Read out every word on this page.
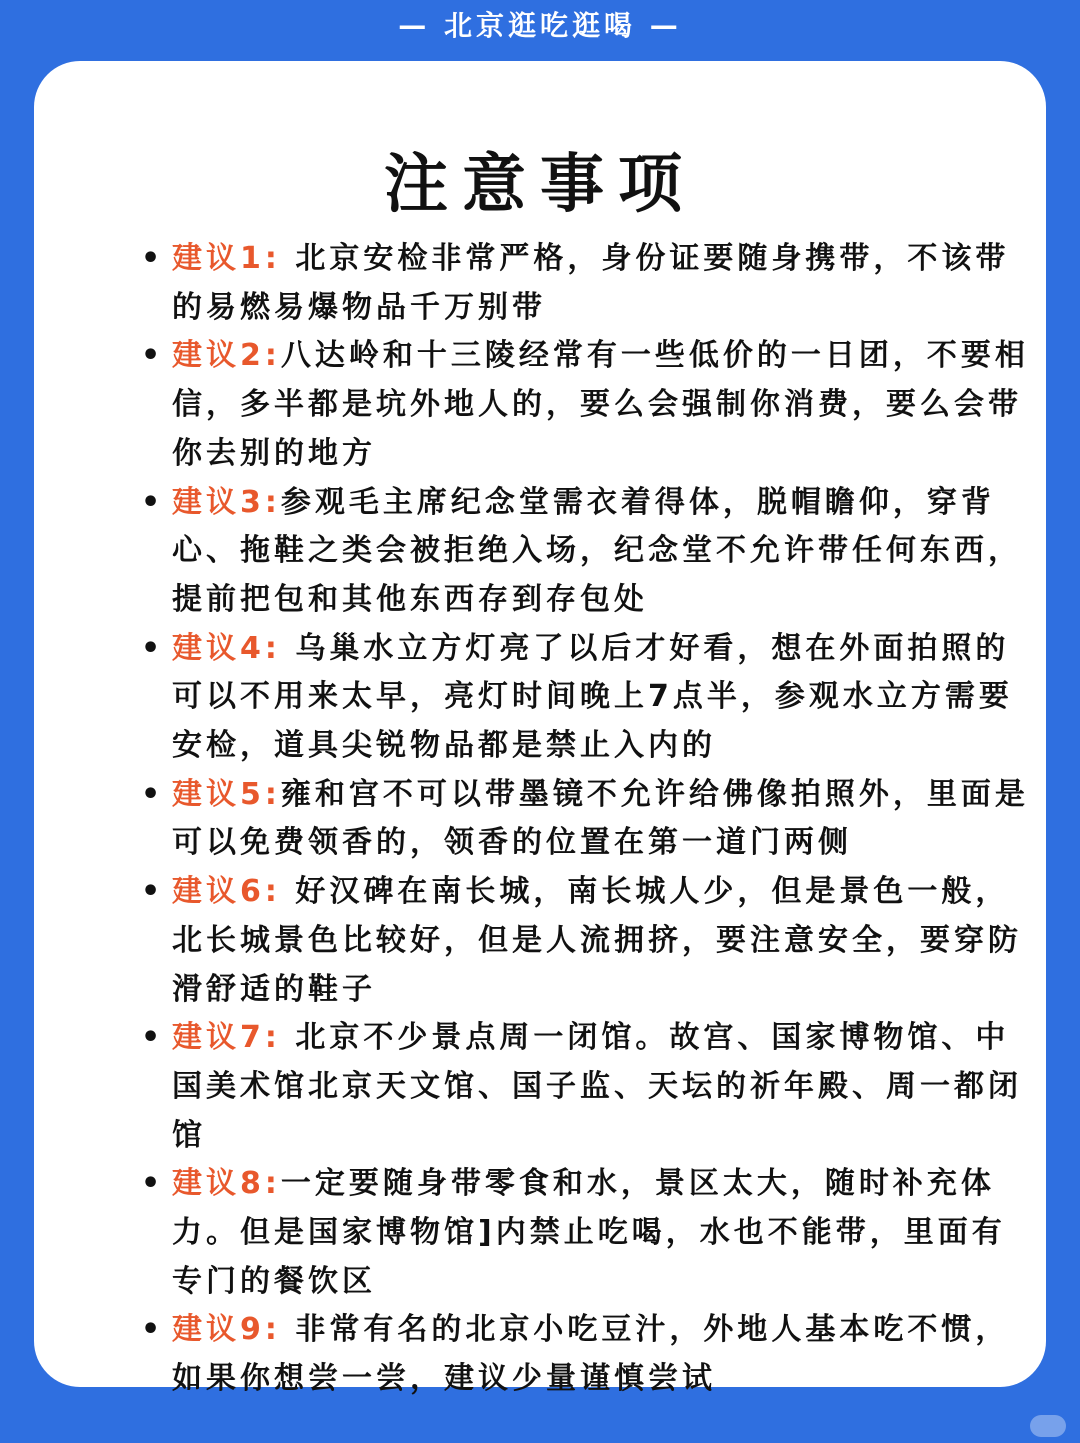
— 北京逛吃逛喝 —
注意事项
• 建议1: 北京安检非常严格，身份证要随身携带，不该带的易燃易爆物品千万别带
• 建议2:八达岭和十三陵经常有一些低价的一日团，不要相信，多半都是坑外地人的，要么会强制你消费，要么会带你去别的地方
• 建议3:参观毛主席纪念堂需衣着得体，脱帽瞻仰，穿背心、拖鞋之类会被拒绝入场，纪念堂不允许带任何东西，提前把包和其他东西存到存包处
• 建议4: 乌巢水立方灯亮了以后才好看，想在外面拍照的可以不用来太早，亮灯时间晚上7点半，参观水立方需要安检，道具尖锐物品都是禁止入内的
• 建议5:雍和宫不可以带墨镜不允许给佛像拍照外，里面是可以免费领香的，领香的位置在第一道门两侧
• 建议6: 好汉碑在南长城，南长城人少，但是景色一般，北长城景色比较好，但是人流拥挤，要注意安全，要穿防滑舒适的鞋子
• 建议7: 北京不少景点周一闭馆。故宫、国家博物馆、中国美术馆北京天文馆、国子监、天坛的祈年殿、周一都闭馆
• 建议8:一定要随身带零食和水，景区太大，随时补充体力。但是国家博物馆]内禁止吃喝，水也不能带，里面有专门的餐饮区
• 建议9: 非常有名的北京小吃豆汁，外地人基本吃不惯，如果你想尝一尝，建议少量谨慎尝试
